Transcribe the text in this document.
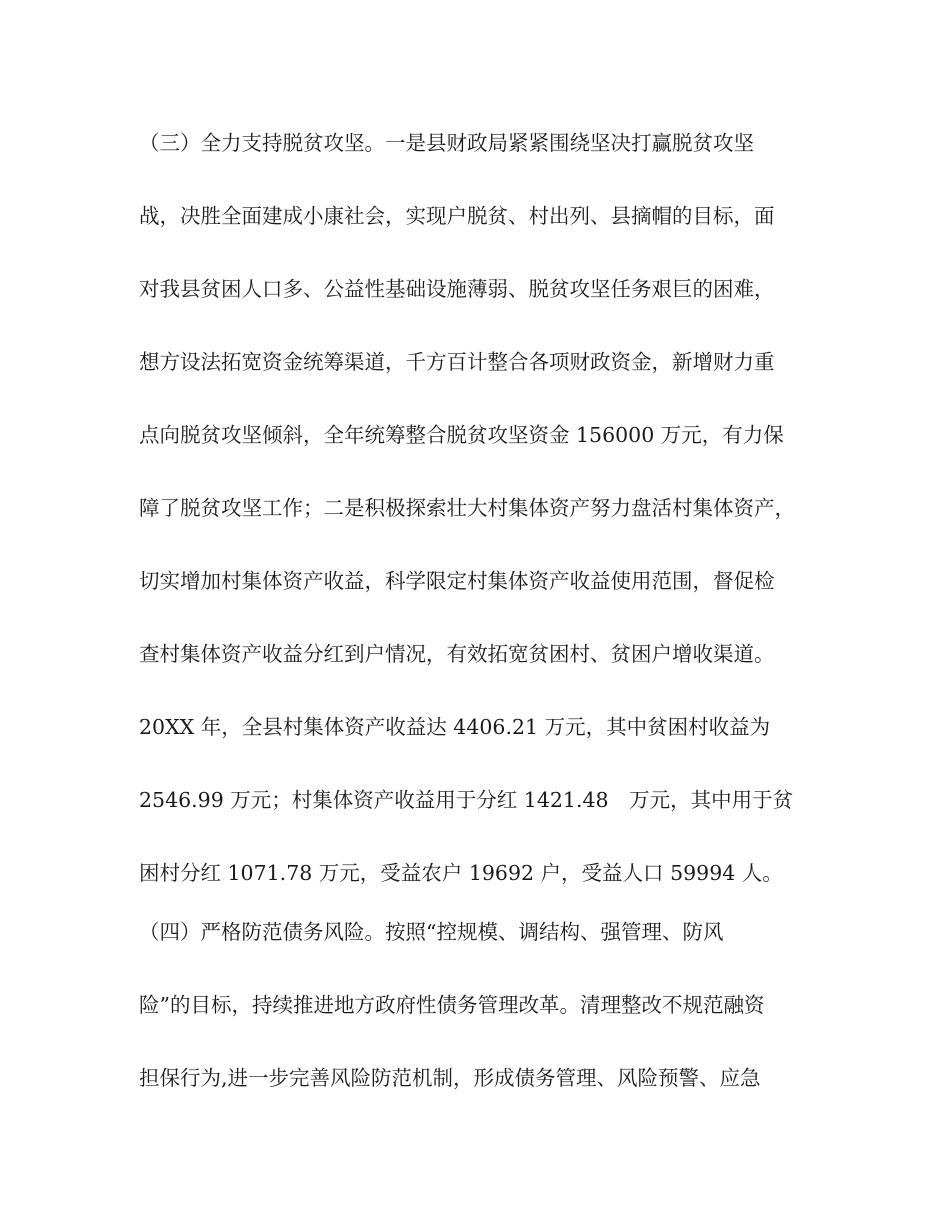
（三）全力支持脱贫攻坚。一是县财政局紧紧围绕坚决打赢脱贫攻坚
战，决胜全面建成小康社会，实现户脱贫、村出列、县摘帽的目标，面
对我县贫困人口多、公益性基础设施薄弱、脱贫攻坚任务艰巨的困难，
想方设法拓宽资金统筹渠道，千方百计整合各项财政资金，新增财力重
点向脱贫攻坚倾斜，全年统筹整合脱贫攻坚资金 156000 万元，有力保
障了脱贫攻坚工作；二是积极探索壮大村集体资产努力盘活村集体资产，
切实增加村集体资产收益，科学限定村集体资产收益使用范围，督促检
查村集体资产收益分红到户情况，有效拓宽贫困村、贫困户增收渠道。
20XX 年，全县村集体资产收益达 4406.21 万元，其中贫困村收益为
2546.99 万元；村集体资产收益用于分红 1421.48　万元，其中用于贫
困村分红 1071.78 万元，受益农户 19692 户，受益人口 59994 人。
（四）严格防范债务风险。按照“控规模、调结构、强管理、防风
险”的目标，持续推进地方政府性债务管理改革。清理整改不规范融资
担保行为,进一步完善风险防范机制，形成债务管理、风险预警、应急
